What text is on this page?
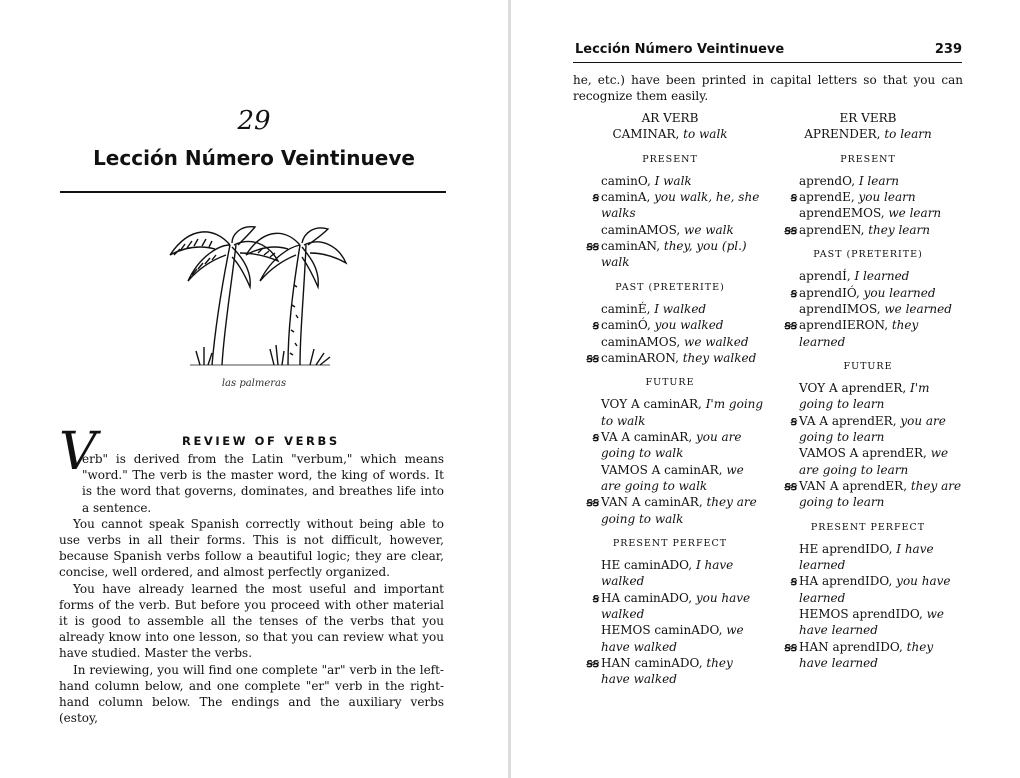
29
Lección Número Veintinueve
las palmeras
V	REVIEW OF VERBS

erb" is derived from the Latin "verbum," which means "word." The verb is the master word, the king of words. It is the word that governs, dominates, and breathes life into a sentence.

You cannot speak Spanish correctly without being able to use verbs in all their forms. This is not difficult, however, because Spanish verbs follow a beautiful logic; they are clear, concise, well ordered, and almost perfectly organized.

You have already learned the most useful and important forms of the verb. But before you proceed with other material it is good to assemble all the tenses of the verbs that you already know into one lesson, so that you can review what you have studied. Master the verbs.

In reviewing, you will find one complete "ar" verb in the left-hand column below, and one complete "er" verb in the right-hand column below. The endings and the auxiliary verbs (estoy,

Lección Número Veintinueve	239
he, etc.) have been printed in capital letters so that you can recognize them easily.
AR VERB
CAMINAR, to walk
PRESENT
caminO, I walk
ꞩ caminA, you walk, he, she walks
caminAMOS, we walk
ꞩꞩ caminAN, they, you (pl.) walk
PAST (PRETERITE)
caminÉ, I walked
ꞩ caminÓ, you walked
caminAMOS, we walked
ꞩꞩ caminARON, they walked
FUTURE
VOY A caminAR, I'm going to walk
ꞩ VA A caminAR, you are going to walk
VAMOS A caminAR, we are going to walk
ꞩꞩ VAN A caminAR, they are going to walk
PRESENT PERFECT
HE caminADO, I have walked
ꞩ HA caminADO, you have walked
HEMOS caminADO, we have walked
ꞩꞩ HAN caminADO, they have walked
ER VERB
APRENDER, to learn
PRESENT
aprendO, I learn
ꞩ aprendE, you learn
aprendEMOS, we learn
ꞩꞩ aprendEN, they learn
PAST (PRETERITE)
aprendÍ, I learned
ꞩ aprendIÓ, you learned
aprendIMOS, we learned
ꞩꞩ aprendIERON, they learned
FUTURE
VOY A aprendER, I'm going to learn
ꞩ VA A aprendER, you are going to learn
VAMOS A aprendER, we are going to learn
ꞩꞩ VAN A aprendER, they are going to learn
PRESENT PERFECT
HE aprendIDO, I have learned
ꞩ HA aprendIDO, you have learned
HEMOS aprendIDO, we have learned
ꞩꞩ HAN aprendIDO, they have learned
